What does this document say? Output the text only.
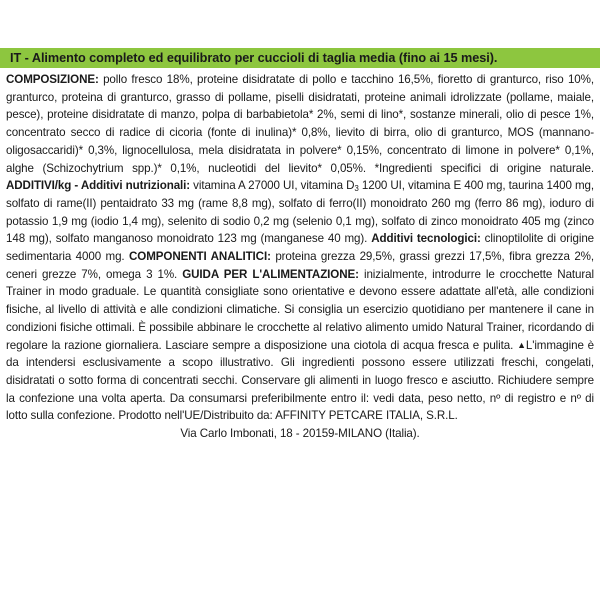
IT - Alimento completo ed equilibrato per cuccioli di taglia media (fino ai 15 mesi).

COMPOSIZIONE: pollo fresco 18%, proteine disidratate di pollo e tacchino 16,5%, fioretto di granturco, riso 10%, granturco, proteina di granturco, grasso di pollame, piselli disidratati, proteine animali idrolizzate (pollame, maiale, pesce), proteine disidratate di manzo, polpa di barbabietola* 2%, semi di lino*, sostanze minerali, olio di pesce 1%, concentrato secco di radice di cicoria (fonte di inulina)* 0,8%, lievito di birra, olio di granturco, MOS (mannano-oligosaccaridi)* 0,3%, lignocellulosa, mela disidratata in polvere* 0,15%, concentrato di limone in polvere* 0,1%, alghe (Schizochytrium spp.)* 0,1%, nucleotidi del lievito* 0,05%. *Ingredienti specifici di origine naturale. ADDITIVI/kg - Additivi nutrizionali: vitamina A 27000 UI, vitamina $D_3$ 1200 UI, vitamina E 400 mg, taurina 1400 mg, solfato di rame(II) pentaidrato 33 mg (rame 8,8 mg), solfato di ferro(II) monoidrato 260 mg (ferro 86 mg), ioduro di potassio 1,9 mg (iodio 1,4 mg), selenito di sodio 0,2 mg (selenio 0,1 mg), solfato di zinco monoidrato 405 mg (zinco 148 mg), solfato manganoso monoidrato 123 mg (manganese 40 mg). Additivi tecnologici: clinoptilolite di origine sedimentaria 4000 mg. COMPONENTI ANALITICI: proteina grezza 29,5%, grassi grezzi 17,5%, fibra grezza 2%, ceneri grezze 7%, omega 3 1%. GUIDA PER L'ALIMENTAZIONE: inizialmente, introdurre le crocchette Natural Trainer in modo graduale. Le quantità consigliate sono orientative e devono essere adattate all'età, alle condizioni fisiche, al livello di attività e alle condizioni climatiche. Si consiglia un esercizio quotidiano per mantenere il cane in condizioni fisiche ottimali. È possibile abbinare le crocchette al relativo alimento umido Natural Trainer, ricordando di regolare la razione giornaliera. Lasciare sempre a disposizione una ciotola di acqua fresca e pulita. ▲L'immagine è da intendersi esclusivamente a scopo illustrativo. Gli ingredienti possono essere utilizzati freschi, congelati, disidratati o sotto forma di concentrati secchi. Conservare gli alimenti in luogo fresco e asciutto. Richiudere sempre la confezione una volta aperta. Da consumarsi preferibilmente entro il: vedi data, peso netto, nº di registro e nº di lotto sulla confezione. Prodotto nell'UE/Distribuito da: AFFINITY PETCARE ITALIA, S.R.L.

Via Carlo Imbonati, 18 - 20159-MILANO (Italia).
